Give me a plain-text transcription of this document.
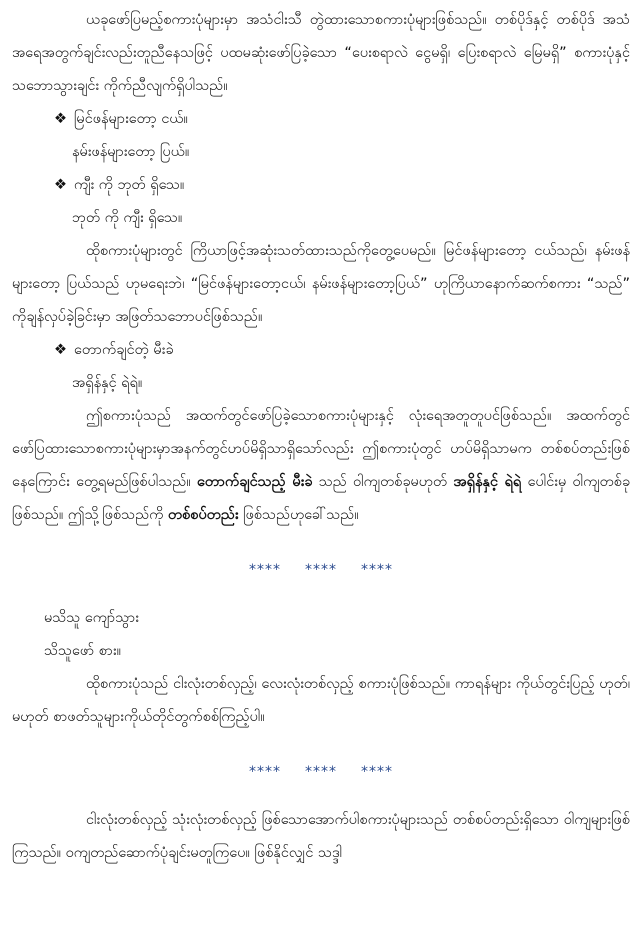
ယခုဖော်ပြမည့်စကားပုံများမှာ အသံငါးသီ တွဲထားသောစကားပုံများဖြစ်သည်။ တစ်ပိုဒ်နှင့် တစ်ပိုဒ် အသံအရေအတွက်ချင်းလည်းတူညီနေသဖြင့် ပထမဆုံးဖော်ပြခဲ့သော “ပေးစရာလဲ ငွေမရှိ၊ ပြေးစရာလဲ မြေမရှိ” စကားပုံနှင့် သဘောသွားချင်း ကိုက်ညီလျက်ရှိပါသည်။

❖ မြင်ဖန်များတော့ ငယ်။

နမ်းဖန်များတော့ ပြယ်။

❖ ကျီး ကို ဘုတ် ရှိသေ။

ဘုတ် ကို ကျီး ရှိသေ။

ထိုစကားပုံများတွင် ကြိယာဖြင့်အဆုံးသတ်ထားသည်ကိုတွေ့ပေမည်။ မြင်ဖန်များတော့ ငယ်သည်၊ နမ်းဖန်များတော့ ပြယ်သည် ဟုမရေးဘဲ၊ “မြင်ဖန်များတော့ငယ်၊ နမ်းဖန်များတော့ပြယ်” ဟုကြိယာနောက်ဆက်စကား “သည်” ကိုချန်လှပ်ခဲ့ခြင်းမှာ အဖြတ်သဘောပင်ဖြစ်သည်။

❖ တောက်ချင်တဲ့ မီးခဲ

အရှိန်နှင့် ရဲရဲ။

ဤစကားပုံသည် အထက်တွင်ဖော်ပြခဲ့သောစကားပုံများနှင့် လုံးရေအတူတူပင်ဖြစ်သည်။ အထက်တွင်ဖော်ပြထားသောစကားပုံများမှာအနက်တွင်ဟပ်မိရှိသာရှိသော်လည်း ဤစကားပုံတွင် ဟပ်မိရှိသာမက တစ်စပ်တည်းဖြစ်နေကြောင်း တွေ့ရမည်ဖြစ်ပါသည်။ တောက်ချင်သည့် မီးခဲ သည် ဝါကျတစ်ခုမဟုတ် အရှိန်နှင့် ရဲရဲ ပေါင်းမှ ဝါကျတစ်ခုဖြစ်သည်။ ဤသို့ဖြစ်သည်ကို တစ်စပ်တည်း ဖြစ်သည်ဟုခေါ်သည်။

**** **** ****

မသိသူ ကျော်သွား

သိသူဖော် စား။

ထိုစကားပုံသည် ငါးလုံးတစ်လှည့်၊ လေးလုံးတစ်လှည့် စကားပုံဖြစ်သည်။ ကာရန်များ ကိုယ်တွင်းပြည့် ဟုတ်၊ မဟုတ် စာဖတ်သူများကိုယ်တိုင်တွက်စစ်ကြည့်ပါ။

**** **** ****

ငါးလုံးတစ်လှည့် သုံးလုံးတစ်လှည့် ဖြစ်သောအောက်ပါစကားပုံများသည် တစ်စပ်တည်းရှိသော ဝါကျများဖြစ်ကြသည်။ ဝကျတည်ဆောက်ပုံချင်းမတူကြပေ။ ဖြစ်နိုင်လျှင် သဒ္ဒါ
